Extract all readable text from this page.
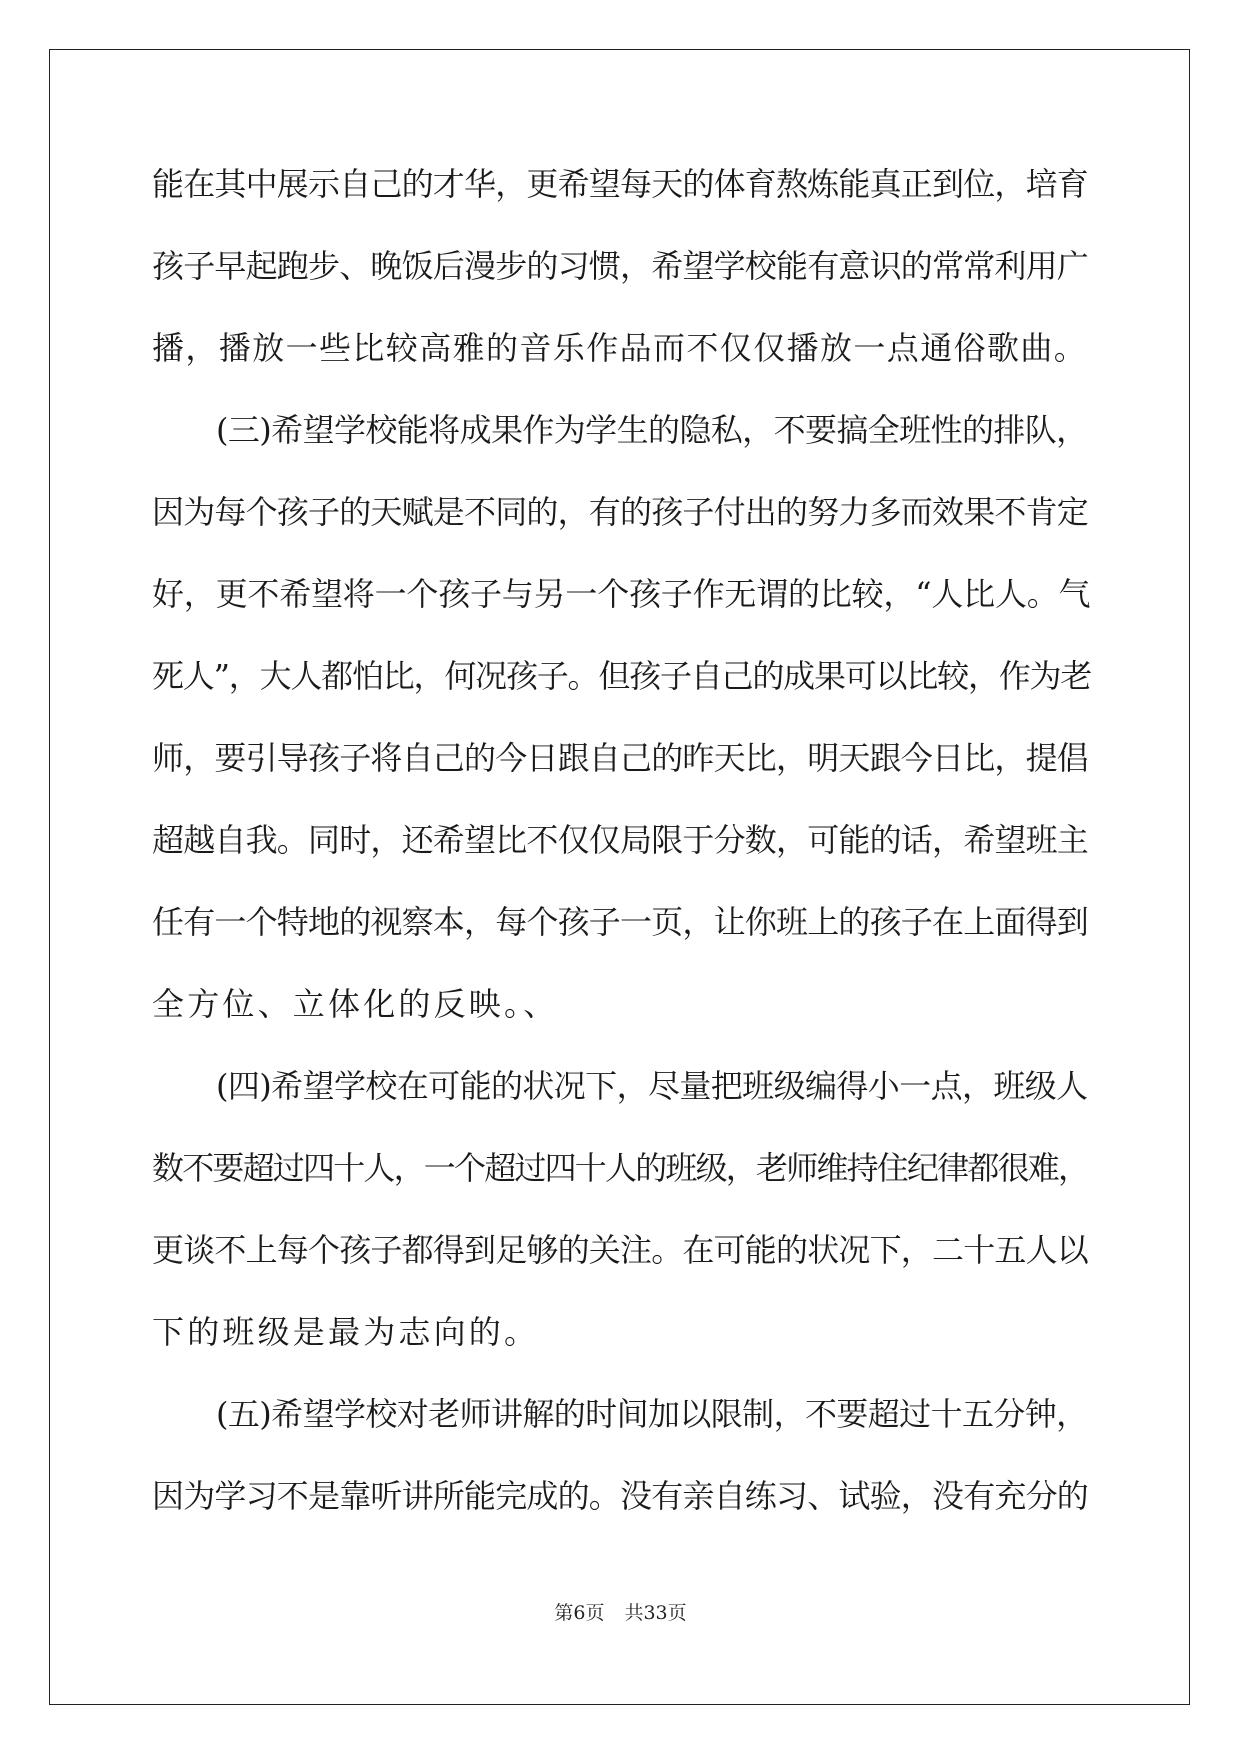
能在其中展示自己的才华，更希望每天的体育熬炼能真正到位，培育
孩子早起跑步、晚饭后漫步的习惯，希望学校能有意识的常常利用广
播，播放一些比较高雅的音乐作品而不仅仅播放一点通俗歌曲。
(三)希望学校能将成果作为学生的隐私，不要搞全班性的排队，
因为每个孩子的天赋是不同的，有的孩子付出的努力多而效果不肯定
好，更不希望将一个孩子与另一个孩子作无谓的比较，“人比人。气
死人”，大人都怕比，何况孩子。但孩子自己的成果可以比较，作为老
师，要引导孩子将自己的今日跟自己的昨天比，明天跟今日比，提倡
超越自我。同时，还希望比不仅仅局限于分数，可能的话，希望班主
任有一个特地的视察本，每个孩子一页，让你班上的孩子在上面得到
全方位、立体化的反映。、
(四)希望学校在可能的状况下，尽量把班级编得小一点，班级人
数不要超过四十人，一个超过四十人的班级，老师维持住纪律都很难，
更谈不上每个孩子都得到足够的关注。在可能的状况下，二十五人以
下的班级是最为志向的。
(五)希望学校对老师讲解的时间加以限制，不要超过十五分钟，
因为学习不是靠听讲所能完成的。没有亲自练习、试验，没有充分的
第6页 共33页
